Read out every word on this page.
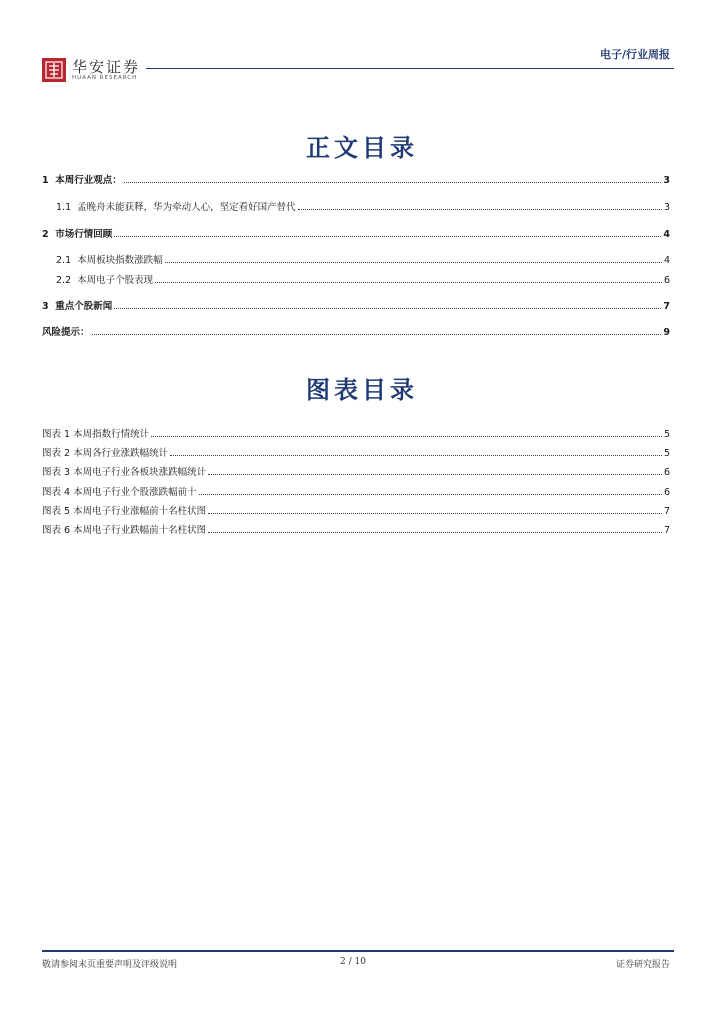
华安证券
HUAAN RESEARCH
电子/行业周报
正文目录
1 本周行业观点：	3
1.1 孟晚舟未能获释，华为牵动人心，坚定看好国产替代	3
2 市场行情回顾	4
2.1 本周板块指数涨跌幅	4
2.2 本周电子个股表现	6
3 重点个股新闻	7
风险提示：	9
图表目录
图表 1 本周指数行情统计	5
图表 2 本周各行业涨跌幅统计	5
图表 3 本周电子行业各板块涨跌幅统计	6
图表 4 本周电子行业个股涨跌幅前十	6
图表 5 本周电子行业涨幅前十名柱状图	7
图表 6 本周电子行业跌幅前十名柱状图	7
敬请参阅末页重要声明及评级说明	2 / 10	证券研究报告
